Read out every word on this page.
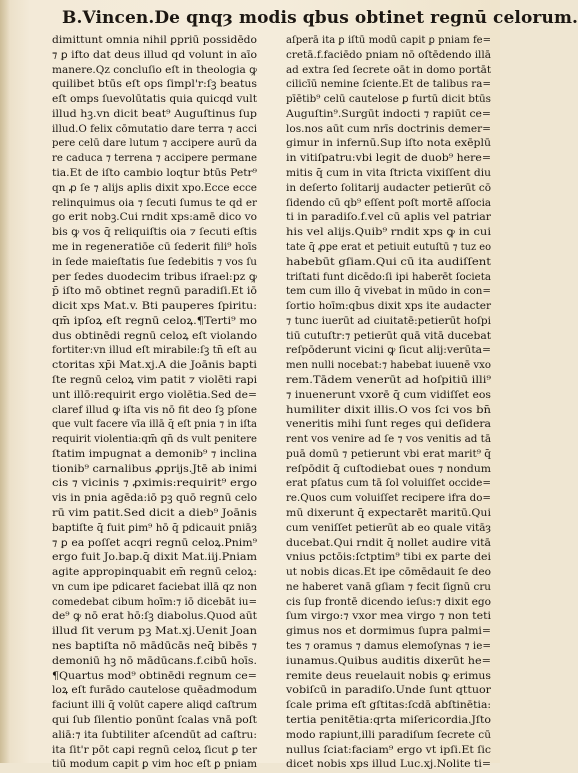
B.Vincen.De qnqȝ modis qbus obtinet regnū celorum.
dimittunt omnia nihil ꝑpriū possidēdo
⁊ ꝑ ifto dat deus illud qd volunt in aīo
manere.Qz concluſio eſt in theologia ꝙ
quilibet btūs eſt ops ſimpl'r:ſꝫ beatus
eſt omps ſuevolūtatis quia quicqd vult
illud hꝫ.vn dicit beat⁹ Auguſtinus ſup
illud.O felix cōmutatio dare terra ⁊ acci
pere celū dare lutum ⁊ accipere aurū da
re caduca ⁊ terrena ⁊ accipere permane
tia.Et de iſto cambio loqtur btūs Petr⁹
qn ꝓ ſe ⁊ alijs aplis dixit xpo.Ecce ecce
relinquimus oia ⁊ ſecuti ſumus te qd er
go erit nobꝫ.Cui rndit xps:amē dico vo
bis ꝙ vos q̄ reliquiſtis oia ⁊ ſecuti eſtis
me in regeneratiōe cū ſederit fili⁹ hoīs
in ſede maieſtatis ſue ſedebitis ⁊ vos ſu
per ſedes duodecim tribus iſrael:pz ꝙ
p̄ iſto mō obtinet regnū paradiſi.Et iō
dicit xps Mat.v. Bti pauperes ſpiritu:
qm̄ ipſoꝝ eſt regnū celoꝝ.¶Terti⁹ mo
dus obtinēdi regnū celoꝝ eſt violando
fortiter:vn illud eſt mirabile:ſꝫ tn̄ eſt au
ctoritas xp̄i Mat.xj.A die Joānis bapti
ſte regnū celoꝝ vim patit ⁊ violēti rapi
unt illō:requirit ergo violētia.Sed de=
claref illud ꝙ iſta vis nō fit deo ſꝫ pſone
que vult facere vīa illā q̄ eſt pnia ⁊ in iſta
requirit violentia:qm̄ qn̄ ds vult penitere
ſtatim impugnat a demonib⁹ ⁊ inclina
tionib⁹ carnalibus ꝓprijs.Jtē ab inimi
cis ⁊ vicinis ⁊ ꝓximis:requirit⁹ ergo
vis in pnia agēda:iō pꝫ quō regnū celo
rū vim patit.Sed dicit a dieb⁹ Joānis
baptiſte q̄ fuit ꝑim⁹ hō q̄ pdicauit pniāȝ
⁊ ꝑ ea poſſet acqri regnū celoꝝ.Pnim⁹
ergo fuit Jo.bap.q̄ dixit Mat.iij.Pniam
agite appropinquabit em̄ regnū celoꝝ:
vn cum ipe pdicaret faciebat illā qz non
comedebat cibum hoīm:⁊ iō dicebāt iu=
de⁹ ꝙ nō erat hō:ſꝫ diabolus.Quod aūt
illud ſit verum pꝫ Mat.xj.Uenit Joan
nes baptiſta nō mādūcās neq̄ bibēs ⁊
demoniū hꝫ nō mādūcans.f.cibū hoīs.
¶Quartus mod⁹ obtinēdi regnum ce=
loꝝ eſt furādo cautelose quēadmodum
faciunt illi q̄ volūt capere aliqd caſtrum
qui ſub ſilentio ponūnt ſcalas vnā poſt
aliā:⁊ ita ſubtiliter aſcendūt ad caſtru:
ita ſit'r pōt capi regnū celoꝝ ſicut ꝑ ter
tiū modum capit ꝑ vim hoc eſt ꝑ pniam
aſperā ita ꝑ iſtū modū capit ꝑ pniam fe=
cretā.f.faciēdo pniam nō oſtēdendo illā
ad extra ſed ſecrete oāt in domo portāt
cilicīū nemine ſciente.Et de talibus ra=
pīētib⁹ celū cautelose ꝑ furtū dicit btūs
Auguſtin⁹.Surgūt indocti ⁊ rapiūt ce=
los.nos aūt cum nrīs doctrinis demer=
gimur in infernū.Sup iſto nota exēplū
in vitiſpatru:vbi legit de duob⁹ here=
mitis q̄ cum in vita ſtricta vixiſſent diu
in deſerto ſolitarij audacter petierūt cō
ſidendo cū qb⁹ eſſent poſt mortē aſſocia
ti in paradiſo.f.vel cū aplis vel patriar
his vel alijs.Quib⁹ rndit xps ꝙ in cui
tate q̄ ꝓpe erat et petiuit eutuſtū ⁊ tuz eo
habebūt gſiam.Qui cū ita audiſſent
triſtati funt dicēdo:ſi ipi haberēt ſocieta
tem cum illo q̄ vivebat in mūdo in con=
ſortio hoīm:qbus dixit xps ite audacter
⁊ tunc iuerūt ad ciuitatē:petierūt hoſpi
tiū cutuſtr:⁊ petierūt quā vitā ducebat
reſpōderunt vicini ꝙ ſicut alij:verūta=
men nulli nocebat:⁊ habebat iuuenē vxo
rem.Tādem venerūt ad hoſpitiū illi⁹
⁊ inuenerunt vxorē q̄ cum vidiſſet eos
humiliter dixit illis.O vos ſci vos bn̄
veneritis mihi ſunt reges qui deſidera
rent vos venire ad ſe ⁊ vos venitis ad tā
puā domū ⁊ petierunt vbi erat marit⁹ q̄
reſpōdit q̄ cuſtodiebat oues ⁊ nondum
erat pſatus cum tā ſol voluiſſet occide=
re.Quos cum voluiſſet recipere ifra do=
mū dixerunt q̄ expectarēt maritū.Qui
cum veniſſet petierūt ab eo quale vitāȝ
ducebat.Qui rndit q̄ nollet audire vitā
vnius pctōis:ſctptim⁹ tibi ex parte dei
ut nobis dicas.Et ipe cōmēdauit ſe deo
ne haberet vanā gſiam ⁊ fecit ſignū cru
cis ſup frontē dicendo ieſus:⁊ dixit ego
ſum virgo:⁊ vxor mea virgo ⁊ non teti
gimus nos et dormimus ſupra palmi=
tes ⁊ oramus ⁊ damus elemoſynas ⁊ ie=
iunamus.Quibus auditis dixerūt he=
remite deus reuelauit nobis ꝙ erimus
vobiſcū in paradiſo.Unde ſunt qttuor
ſcale prima eſt gſtitas:ſcdā abſtinētia:
tertia penitētia:qrta miſericordia.Jſto
modo rapiunt,illi paradiſum ſecrete cū
nullus ſciat:faciam⁹ ergo vt ipſi.Et ſic
dicet nobis xps illud Luc.xj.Nolite ti=
